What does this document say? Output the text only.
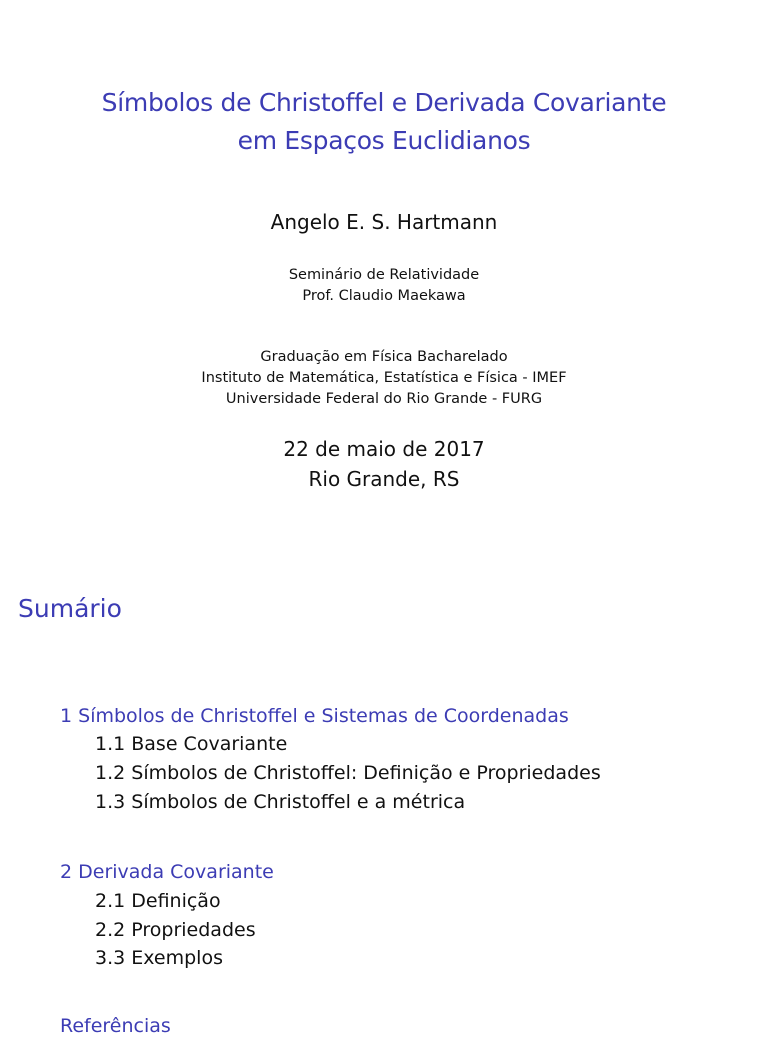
Símbolos de Christoffel e Derivada Covariante
em Espaços Euclidianos
Angelo E. S. Hartmann
Seminário de Relatividade
Prof. Claudio Maekawa
Graduação em Física Bacharelado
Instituto de Matemática, Estatística e Física - IMEF
Universidade Federal do Rio Grande - FURG
22 de maio de 2017
Rio Grande, RS
Sumário
1 Símbolos de Christoffel e Sistemas de Coordenadas
1.1 Base Covariante
1.2 Símbolos de Christoffel: Definição e Propriedades
1.3 Símbolos de Christoffel e a métrica
2 Derivada Covariante
2.1 Definição
2.2 Propriedades
3.3 Exemplos
Referências
